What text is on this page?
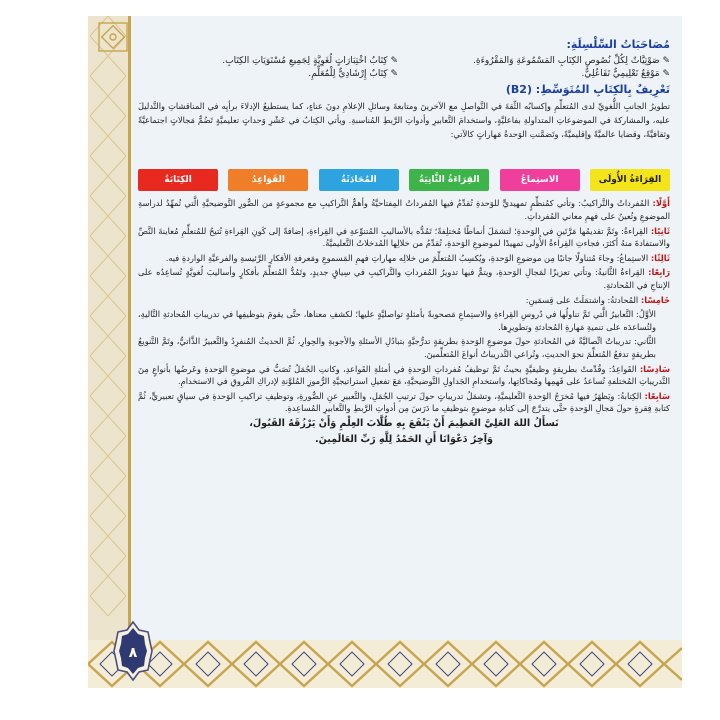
٨
مُصَاحَبَاتُ السِّلْسِلَةِ:
✎ صَوْتِيَّاتٌ لِكُلِّ نُصُوصِ الكِتَابِ المَسْمُوعَةِ وَالمَقْرُوءَةِ.
✎ كِتَابُ اخْتِبَارَاتٍ لُغَوِيَّةٍ لِجَمِيعِ مُسْتَوَيَاتِ الكِتَابِ.
✎ مَوْقِعٌ تَعْلِيمِيٌّ تَفَاعُلِيٌّ.
✎ كِتَابٌ إِرْشَادِيٌّ لِلْمُعَلِّمِ.
تَعْرِيفٌ بِالكِتَابِ المُتَوَسِّطِ: (B2)
تطويرُ الجانبِ اللُّغويِّ لدى المُتعلِّمِ وإكسابُه الثِّقةَ في التَّواصلِ مع الآخرينَ ومتابعةَ وسائلِ الإعلامِ دونَ عناءٍ، كما يستطيعُ الإدلاءَ برأيِه في المناقشاتِ والتَّدليلَ عليه، والمشاركةَ في الموضوعاتِ المتداولةِ بفاعليَّةٍ، واستخدامَ التَّعابيرِ وأدواتِ الرَّبطِ المُناسبةِ. ويأتي الكِتابُ في عَشْرِ وَحداتٍ تعليميَّةٍ تَضُمُّ مَجالاتٍ اجتماعيَّةً وثقافيَّةً، وقضايا عالميَّةً وإقليميَّةً، وتَضمَّنتِ الوَحدةُ مَهاراتٍ كالآتي:
القِرَاءَةُ الأُولَى
الاستِماعُ
القِرَاءَةُ الثَّانِيَةُ
المُحَادَثَةُ
القَوَاعِدُ
الكِتَابَةُ
أَوَّلًا: المُفرداتُ والتَّراكيبُ: وتأتي كمُنظِّمٍ تمهيديٍّ للوَحدةِ تُقدِّمُ فيها المُفرداتُ المِفتاحيَّةُ وأهمُّ التَّراكيبِ مع مجموعةٍ من الصُّورِ التَّوضيحيَّةِ الَّتي تُمهِّدُ لدراسةِ الموضوعِ وتُعينُ على فهمِ معاني المُفرداتِ.
ثَانِيًا: القِراءةُ: وتَمَّ تقديمُها مَرَّتَينِ في الوَحدةِ؛ لتشمَلَ أنماطًا مُختلِفةً؛ تَمُدُّه بالأساليبِ المُتنوِّعةِ في القِراءةِ، إضافةً إلى كَونِ القِراءةِ تُتيحُ للمُتعلِّمِ مُعاينةَ النَّصِّ والاستفادةَ منهُ أكثرَ، فجاءتِ القِراءةُ الأُولى تمهيدًا لموضوعِ الوَحدةِ، تُقدِّمُ من خلالِها المُدخلاتُ التَّعليميَّةُ.
ثَالِثًا: الاستِماعُ: وجاءَ مُتناولًا جانبًا مِن موضوعِ الوَحدةِ، ويُكسِبُ المُتعلِّمَ من خلالِه مهاراتِ فهمِ المَسموعِ ومَعرفةِ الأفكارِ الرَّئيسةِ والفرعيَّةِ الواردةِ فيه.
رَابِعًا: القِراءةُ الثَّانيةُ: وتأتي تعزيزًا لمَجالِ الوَحدةِ، ويتمُّ فيها تدويرُ المُفرداتِ والتَّراكيبِ في سِياقٍ جديدٍ، وتَمُدُّ المُتعلِّمَ بأفكارٍ وأساليبَ لُغويَّةٍ تُساعِدُه على الإنتاجِ في المُحادثةِ.
خَامِسًا: المُحادثةُ: واشتمَلَتْ على قِسمَينِ:
الأوَّلُ: التَّعابيرُ الَّتي تَمَّ تناولُها في دُروسِ القِراءةِ والاستِماعِ مَصحوبةً بأمثلةٍ تواصليَّةٍ عليها؛ لكشفِ معناها، حتَّى يقومَ بتوظيفِها في تدريباتِ المُحادثةِ التَّاليةِ، ولتُساعدَه على تنميةِ مَهارةِ المُحادثةِ وتطويرِها.
الثَّاني: تدريباتٌ اتِّصاليَّةٌ في المُحادثةِ حولَ موضوعِ الوَحدةِ بطريقةٍ تدرُّجيَّةٍ بتبادُلِ الأسئلةِ والأجوبةِ والحِوارِ، ثُمَّ الحديثُ المُنفرِدُ والتَّعبيرُ الذَّاتيُّ، وتَمَّ التَّنويعُ بطريقةٍ تدفعُ المُتعلِّمَ نحوَ الحديثِ، وتُراعي التَّدريباتُ أنواعَ المُتعلِّمينَ.
سَادِسًا: القَواعِدُ: وقُدِّمتْ بطريقةٍ وظيفيَّةٍ بحيثُ تَمَّ توظيفُ مُفرداتِ الوَحدةِ في أمثلةِ القَواعدِ، وكانتِ الجُمَلُ تُصَبُّ في موضوعِ الوَحدةِ وعَرضُها بأنواعٍ مِنَ التَّدريباتِ المُختلفةِ تُساعدُ على فَهمِها ومُحاكاتِها، واستخدامِ الجَداولِ التَّوضيحيَّةِ، مَعَ تفعيلِ استراتيجيَّةِ الرُّموزِ المُلوَّنةِ لإدراكِ الفُروقِ في الاستخدامِ.
سَابِعًا: الكِتابةُ: ويَظهَرُ فيها مُخرَجُ الوَحدةِ التَّعليميَّةِ، وتشمَلُ تدريباتٍ حولَ ترتيبِ الجُمَلِ، والتَّعبيرِ عنِ الصُّورةِ، وتوظيفِ تراكيبِ الوَحدةِ في سياقٍ تعبيريٍّ، ثُمَّ كتابةِ فِقرةٍ حولَ مَجالِ الوَحدةِ حتَّى يتدرَّجَ إلى كتابةِ موضوعٍ بتوظيفِ ما دَرَسَ مِن أدواتِ الرَّبطِ والتَّعابيرِ المُساعِدةِ.
نَسأَلُ اللهَ العَلِيَّ العَظِيمَ أَنْ يَنْفَعَ بِهِ طُلَّابَ العِلْمِ وَأَنْ يَرْزُقَهُ القَبُولَ،
وَآخِرُ دَعْوَانَا أَنِ الحَمْدُ لِلَّهِ رَبِّ العَالَمِينَ.
